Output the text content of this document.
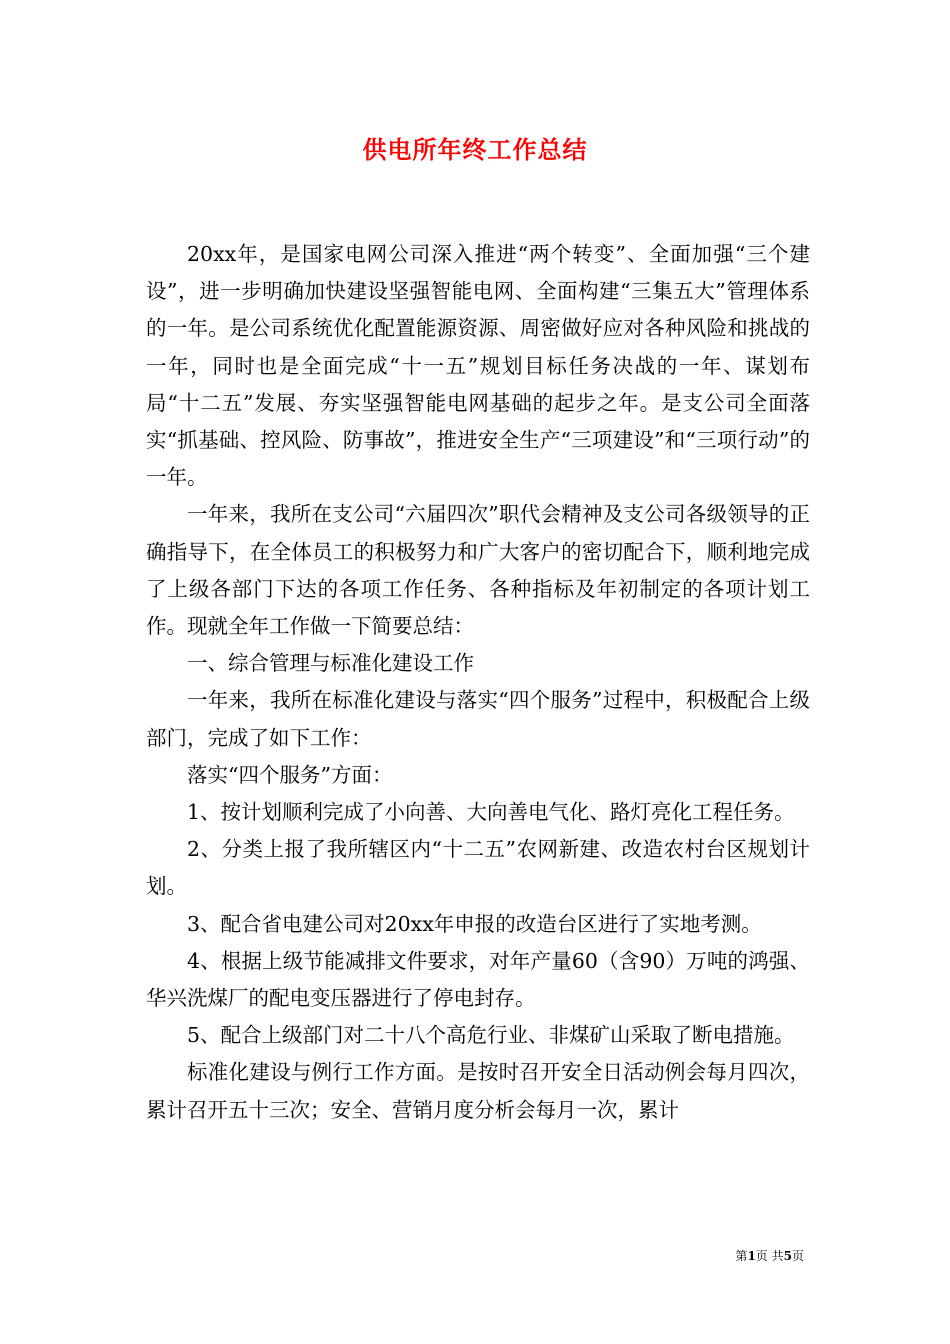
供电所年终工作总结

20xx年，是国家电网公司深入推进“两个转变”、全面加强“三个建设”，进一步明确加快建设坚强智能电网、全面构建“三集五大”管理体系的一年。是公司系统优化配置能源资源、周密做好应对各种风险和挑战的一年，同时也是全面完成“十一五”规划目标任务决战的一年、谋划布局“十二五”发展、夯实坚强智能电网基础的起步之年。是支公司全面落实“抓基础、控风险、防事故”，推进安全生产“三项建设”和“三项行动”的一年。

一年来，我所在支公司“六届四次”职代会精神及支公司各级领导的正确指导下，在全体员工的积极努力和广大客户的密切配合下，顺利地完成了上级各部门下达的各项工作任务、各种指标及年初制定的各项计划工作。现就全年工作做一下简要总结：

一、综合管理与标准化建设工作

一年来，我所在标准化建设与落实“四个服务”过程中，积极配合上级部门，完成了如下工作：

落实“四个服务”方面：

1、按计划顺利完成了小向善、大向善电气化、路灯亮化工程任务。

2、分类上报了我所辖区内“十二五”农网新建、改造农村台区规划计划。

3、配合省电建公司对20xx年申报的改造台区进行了实地考测。

4、根据上级节能减排文件要求，对年产量60（含90）万吨的鸿强、华兴洗煤厂的配电变压器进行了停电封存。

5、配合上级部门对二十八个高危行业、非煤矿山采取了断电措施。

标准化建设与例行工作方面。是按时召开安全日活动例会每月四次，累计召开五十三次；安全、营销月度分析会每月一次，累计

第1页 共5页
